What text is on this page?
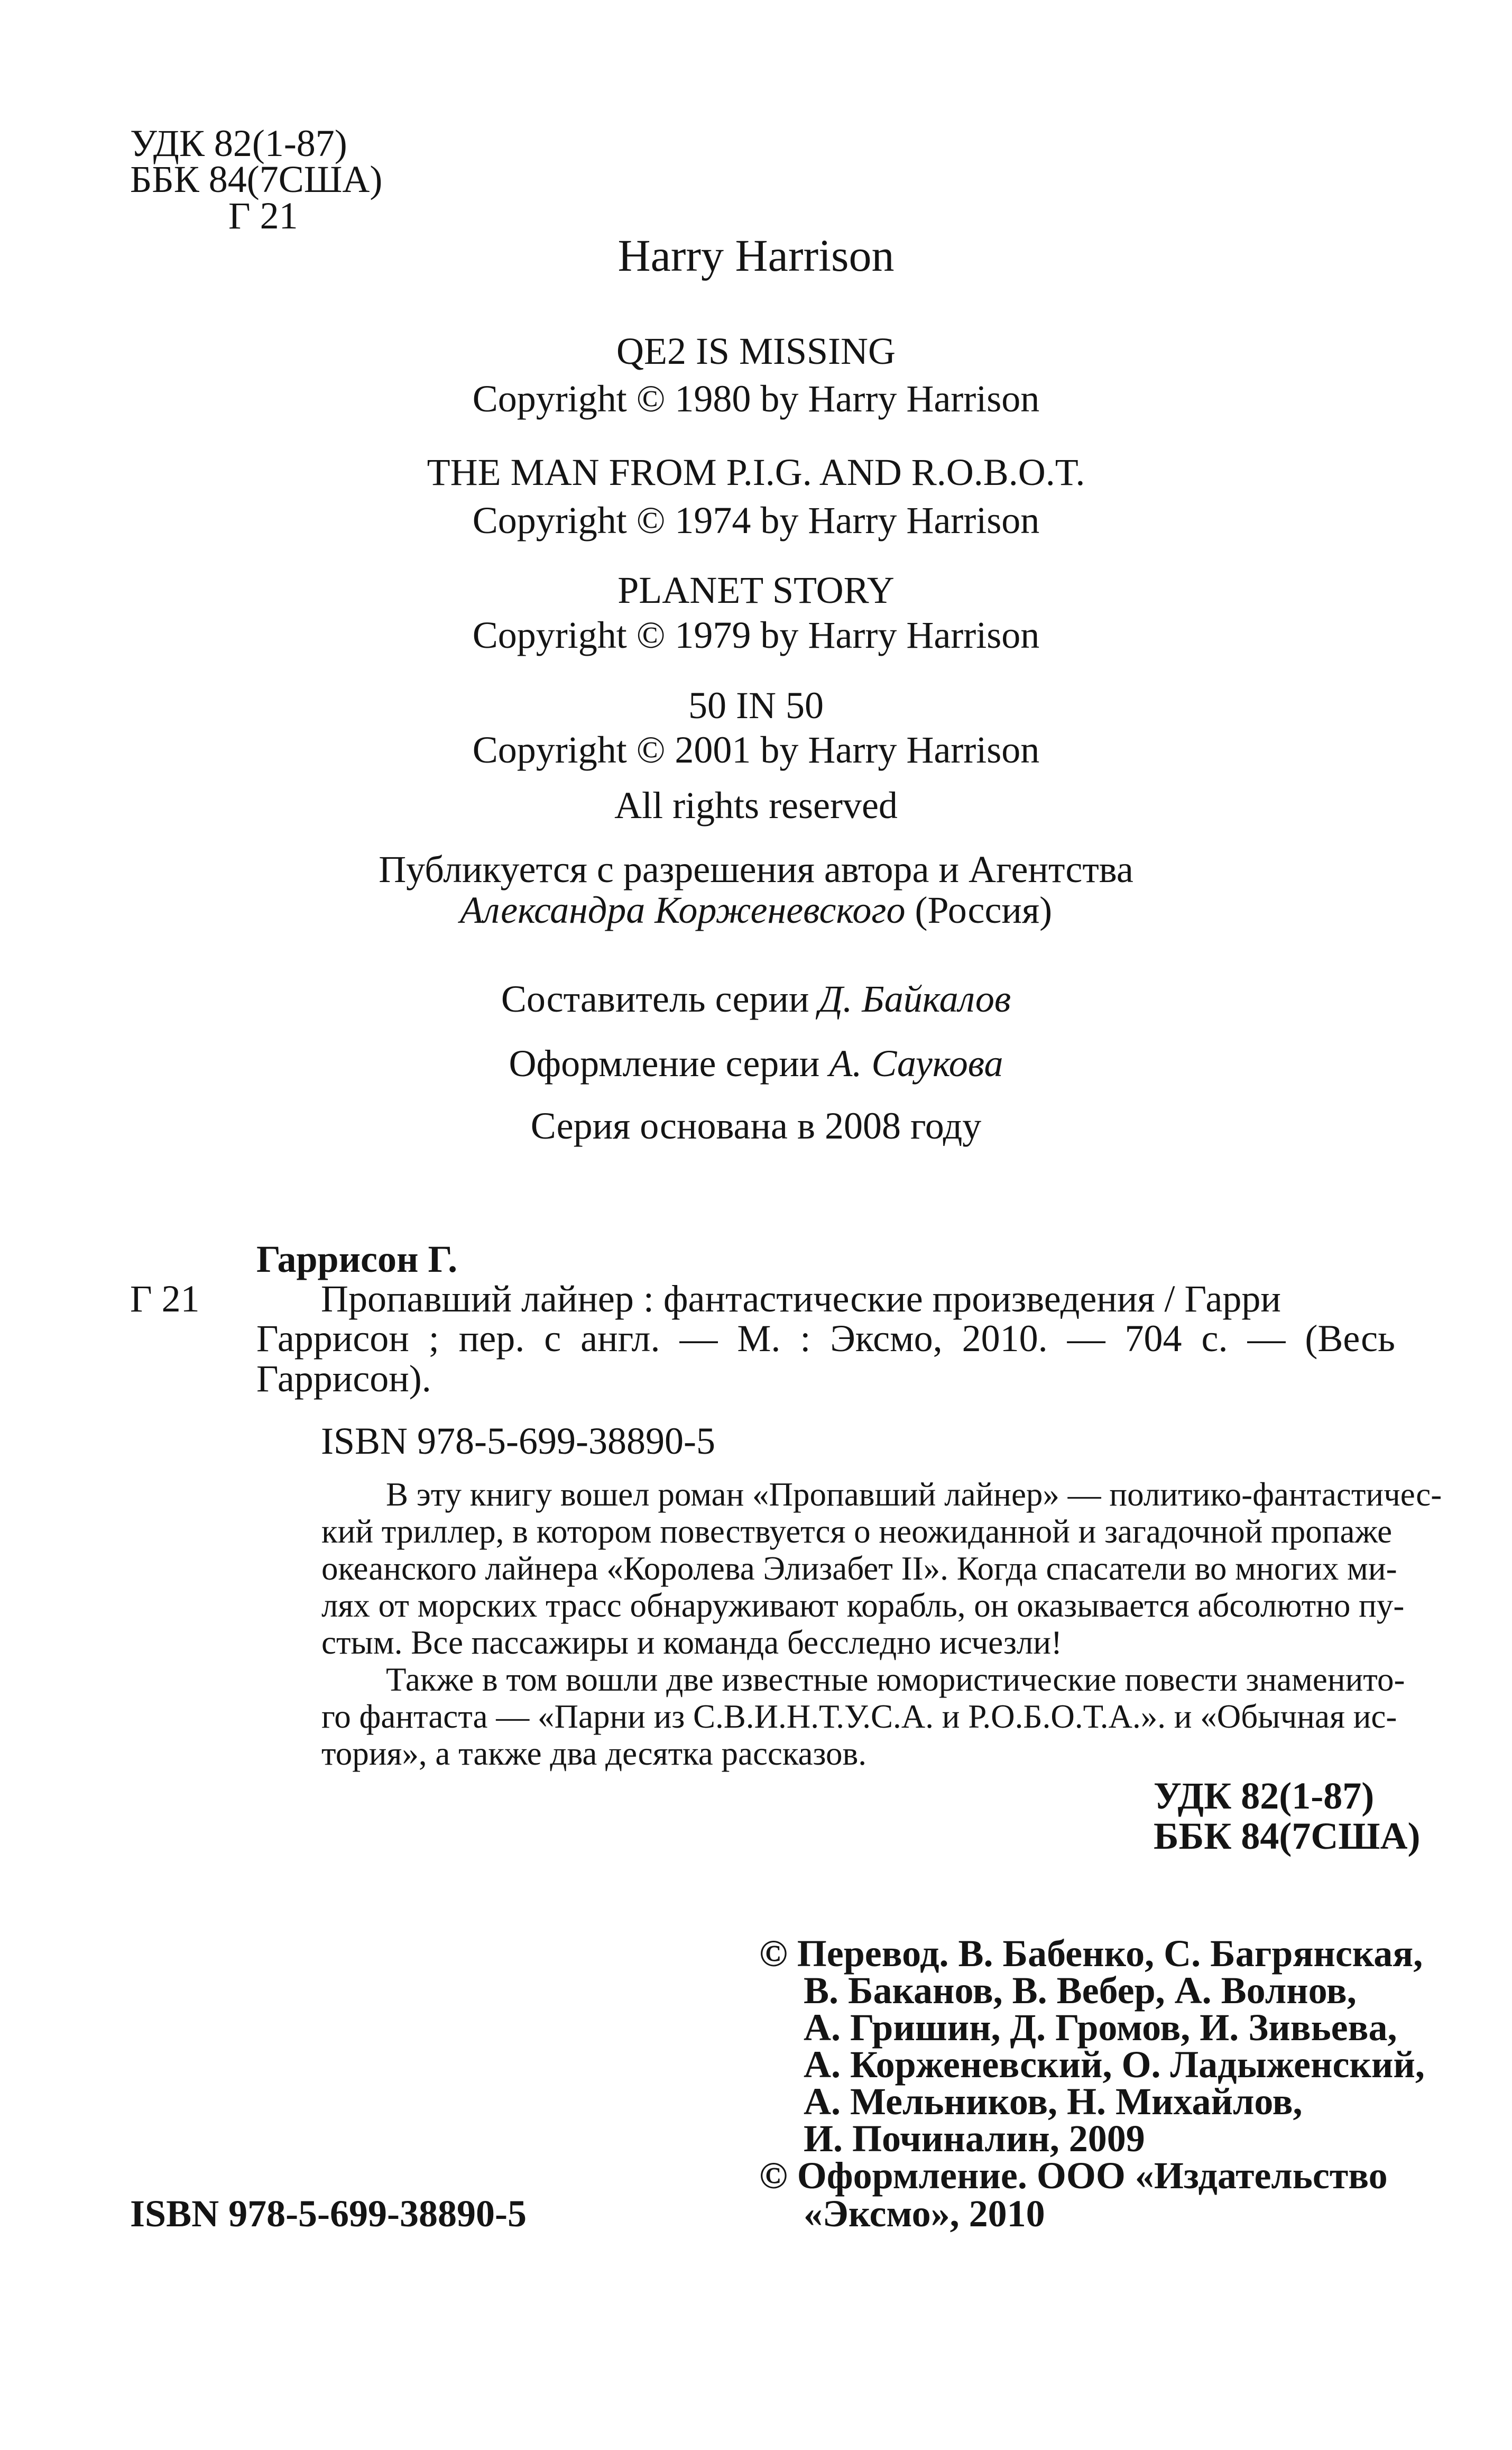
УДК 82(1-87)
ББК 84(7США)
Г 21
Harry Harrison
QE2 IS MISSING
Copyright © 1980 by Harry Harrison
THE MAN FROM P.I.G. AND R.O.B.O.T.
Copyright © 1974 by Harry Harrison
PLANET STORY
Copyright © 1979 by Harry Harrison
50 IN 50
Copyright © 2001 by Harry Harrison
All rights reserved
Публикуется с разрешения автора и Агентства
Александра Корженевского (Россия)
Составитель серии Д. Байкалов
Оформление серии А. Саукова
Серия основана в 2008 году
Гаррисон Г.
Г 21	Пропавший лайнер : фантастические произведения / Гарри
Гаррисон ; пер. с англ. — М. : Эксмо, 2010. — 704 с. — (Весь
Гаррисон).
ISBN 978-5-699-38890-5
В эту книгу вошел роман «Пропавший лайнер» — политико-фантастичес-
кий триллер, в котором повествуется о неожиданной и загадочной пропаже
океанского лайнера «Королева Элизабет II». Когда спасатели во многих ми-
лях от морских трасс обнаруживают корабль, он оказывается абсолютно пу-
стым. Все пассажиры и команда бесследно исчезли!
Также в том вошли две известные юмористические повести знаменито-
го фантаста — «Парни из С.В.И.Н.Т.У.С.А. и Р.О.Б.О.Т.А.». и «Обычная ис-
тория», а также два десятка рассказов.
УДК 82(1-87)
ББК 84(7США)
© Перевод. В. Бабенко, С. Багрянская,
В. Баканов, В. Вебер, А. Волнов,
А. Гришин, Д. Громов, И. Зивьева,
А. Корженевский, О. Ладыженский,
А. Мельников, Н. Михайлов,
И. Починалин, 2009
© Оформление. ООО «Издательство
«Эксмо», 2010
ISBN 978-5-699-38890-5
